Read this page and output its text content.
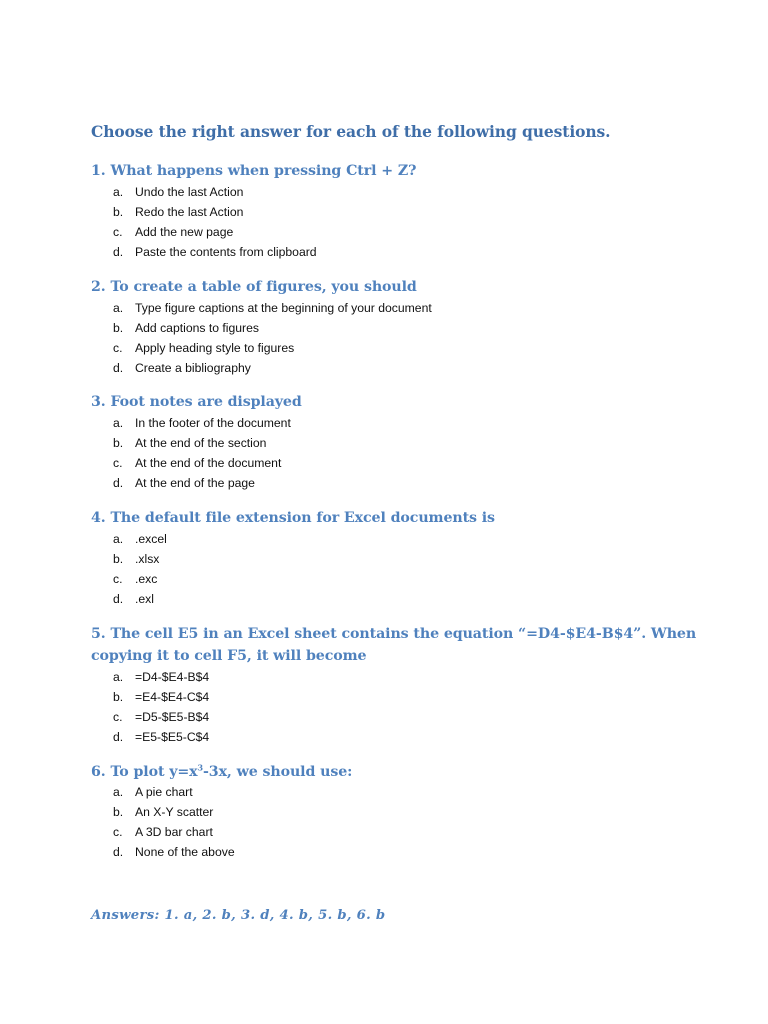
Choose the right answer for each of the following questions.
1. What happens when pressing Ctrl + Z?
a. Undo the last Action
b. Redo the last Action
c.	Add the new page
d. Paste the contents from clipboard
2. To create a table of figures, you should
a. Type figure captions at the beginning of your document
b. Add captions to figures
c.	Apply heading style to figures
d. Create a bibliography
3. Foot notes are displayed
a. In the footer of the document
b. At the end of the section
c.	At the end of the document
d. At the end of the page
4. The default file extension for Excel documents is
a. .excel
b. .xlsx
c.	.exc
d. .exl
5. The cell E5 in an Excel sheet contains the equation “=D4-$E4-B$4”. When
copying it to cell F5, it will become
a. =D4-$E4-B$4
b. =E4-$E4-C$4
c.	=D5-$E5-B$4
d. =E5-$E5-C$4
6. To plot $y=x^3-3x$, we should use:
a. A pie chart
b. An X-Y scatter
c.	A 3D bar chart
d. None of the above

Answers: 1. a, 2. b, 3. d, 4. b, 5. b, 6. b
